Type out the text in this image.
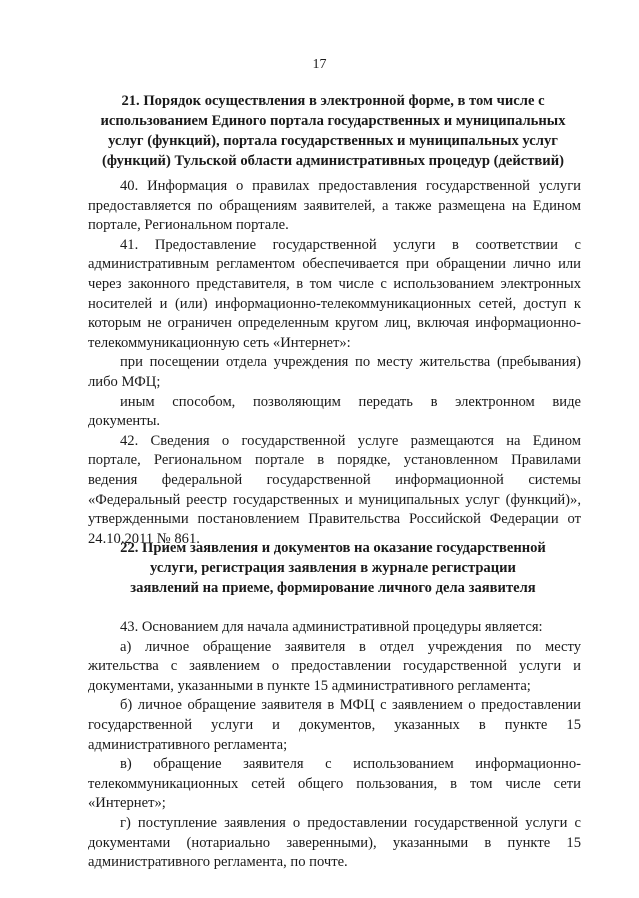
17
21. Порядок осуществления в электронной форме, в том числе с
использованием Единого портала государственных и муниципальных
услуг (функций), портала государственных и муниципальных услуг
(функций) Тульской области административных процедур (действий)
40. Информация о правилах предоставления государственной услуги
предоставляется по обращениям заявителей, а также размещена на Едином
портале, Региональном портале.
41. Предоставление государственной услуги в соответствии с
административным регламентом обеспечивается при обращении лично или
через законного представителя, в том числе с использованием электронных
носителей и (или) информационно-телекоммуникационных сетей, доступ к
которым не ограничен определенным кругом лиц, включая информационно-
телекоммуникационную сеть «Интернет»:
при посещении отдела учреждения по месту жительства (пребывания)
либо МФЦ;
иным способом, позволяющим передать в электронном виде
документы.
42. Сведения о государственной услуге размещаются на Едином
портале, Региональном портале в порядке, установленном Правилами
ведения федеральной государственной информационной системы
«Федеральный реестр государственных и муниципальных услуг (функций)»,
утвержденными постановлением Правительства Российской Федерации от
24.10.2011 № 861.
22. Прием заявления и документов на оказание государственной
услуги, регистрация заявления в журнале регистрации
заявлений на приеме, формирование личного дела заявителя
43. Основанием для начала административной процедуры является:
а) личное обращение заявителя в отдел учреждения по месту
жительства с заявлением о предоставлении государственной услуги и
документами, указанными в пункте 15 административного регламента;
б) личное обращение заявителя в МФЦ с заявлением о предоставлении
государственной услуги и документов, указанных в пункте 15
административного регламента;
в) обращение заявителя с использованием информационно-
телекоммуникационных сетей общего пользования, в том числе сети
«Интернет»;
г) поступление заявления о предоставлении государственной услуги с
документами (нотариально заверенными), указанными в пункте 15
административного регламента, по почте.
